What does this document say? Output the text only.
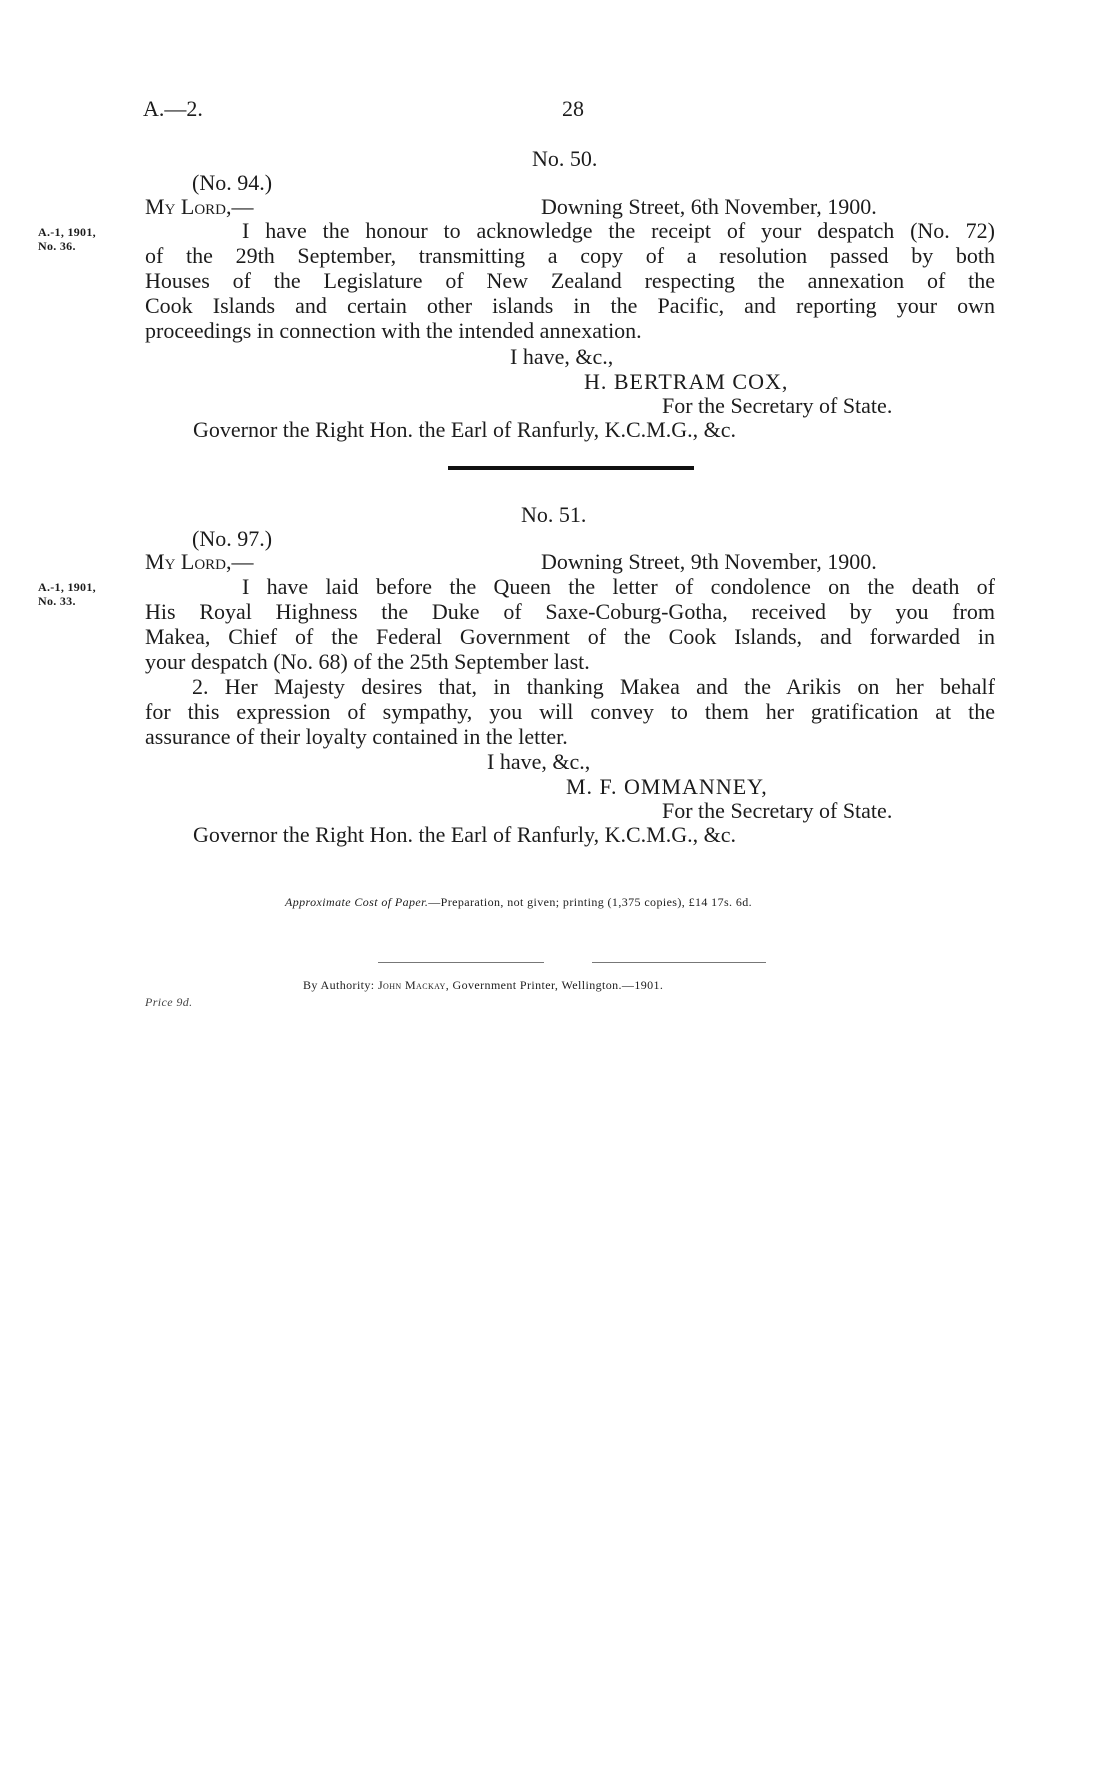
A.—2.	28
No. 50.
(No. 94.)
My Lord,—	Downing Street, 6th November, 1900.
A.-1, 1901,
No. 36.
I have the honour to acknowledge the receipt of your despatch (No. 72)
of the 29th September, transmitting a copy of a resolution passed by both
Houses of the Legislature of New Zealand respecting the annexation of the
Cook Islands and certain other islands in the Pacific, and reporting your own
proceedings in connection with the intended annexation.
I have, &c.,
H. BERTRAM COX,
For the Secretary of State.
Governor the Right Hon. the Earl of Ranfurly, K.C.M.G., &c.
No. 51.
(No. 97.)
My Lord,—	Downing Street, 9th November, 1900.
A.-1, 1901,
No. 33.
I have laid before the Queen the letter of condolence on the death of
His Royal Highness the Duke of Saxe-Coburg-Gotha, received by you from
Makea, Chief of the Federal Government of the Cook Islands, and forwarded in
your despatch (No. 68) of the 25th September last.
2. Her Majesty desires that, in thanking Makea and the Arikis on her behalf
for this expression of sympathy, you will convey to them her gratification at the
assurance of their loyalty contained in the letter.
I have, &c.,
M. F. OMMANNEY,
For the Secretary of State.
Governor the Right Hon. the Earl of Ranfurly, K.C.M.G., &c.
Approximate Cost of Paper.—Preparation, not given; printing (1,375 copies), £14 17s. 6d.
By Authority: John Mackay, Government Printer, Wellington.—1901.
Price 9d.
